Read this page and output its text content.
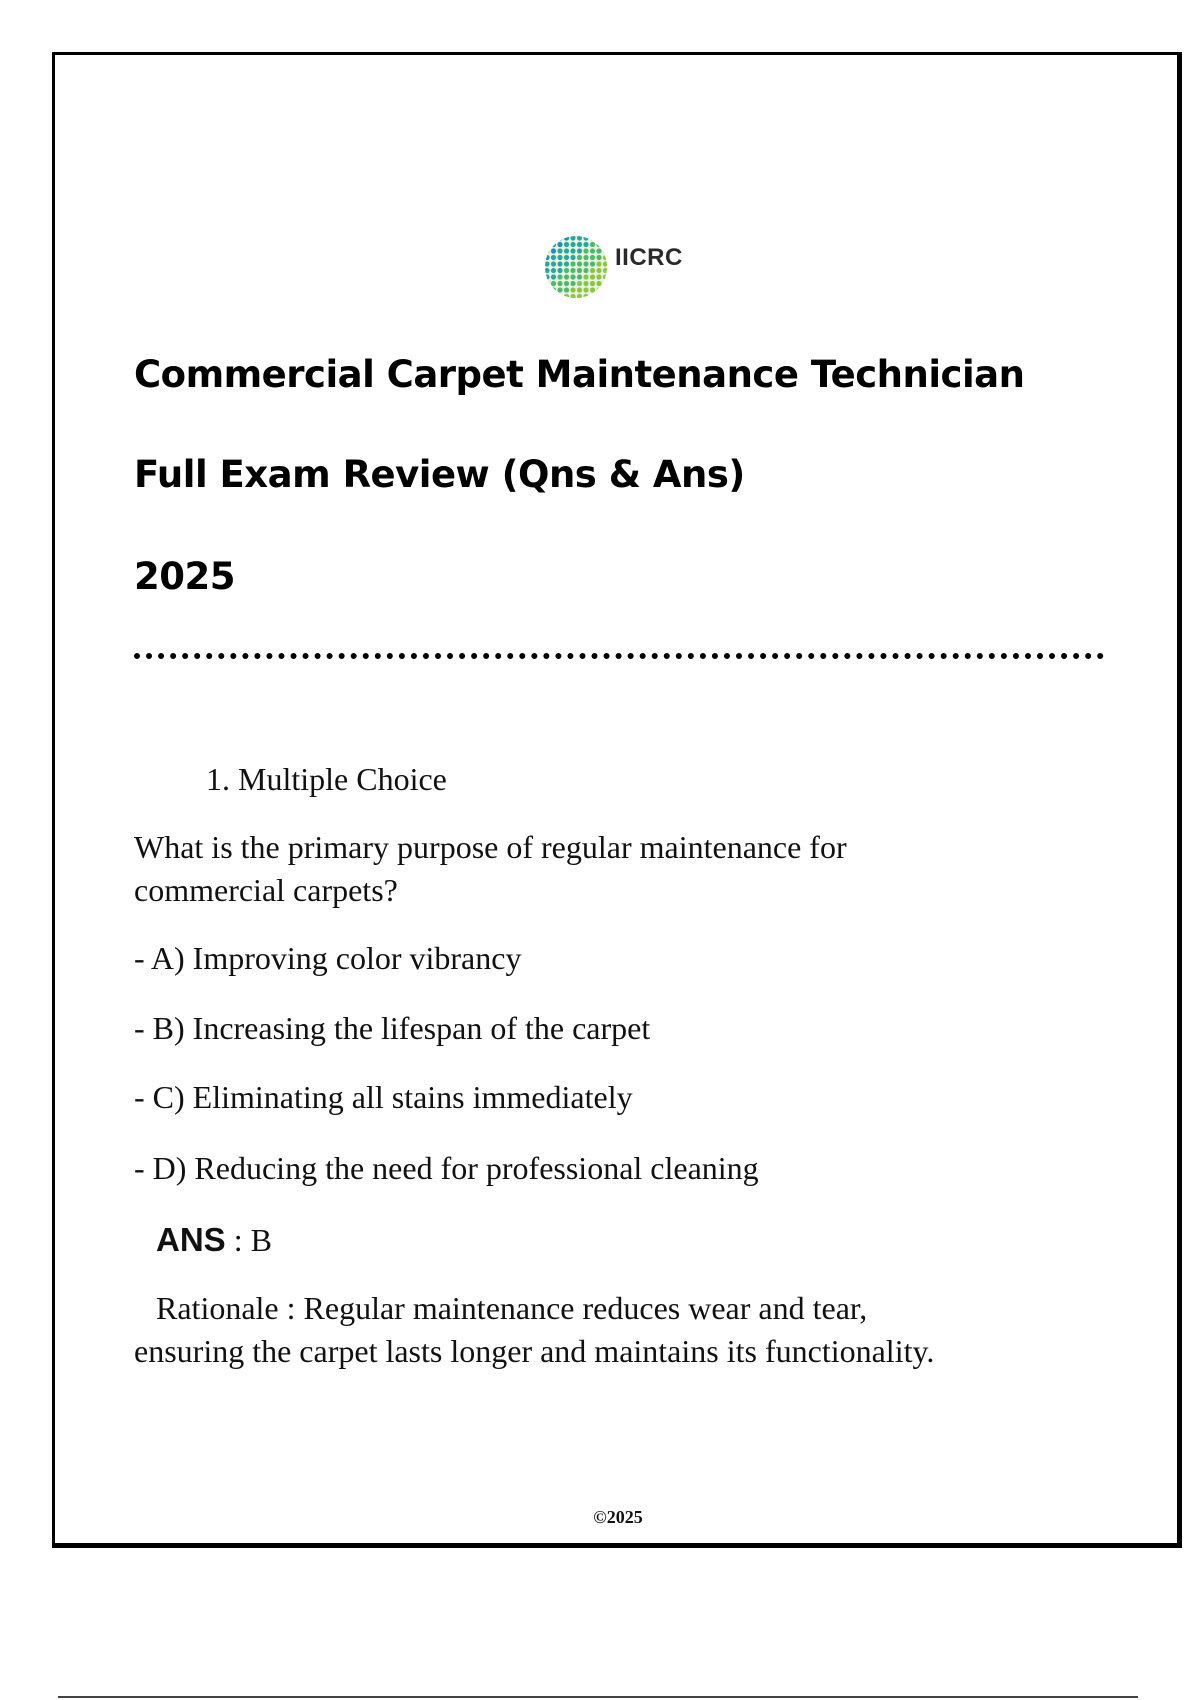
IICRC
Commercial Carpet Maintenance Technician
Full Exam Review (Qns & Ans)
2025
1. Multiple Choice
What is the primary purpose of regular maintenance for
commercial carpets?
- A) Improving color vibrancy
- B) Increasing the lifespan of the carpet
- C) Eliminating all stains immediately
- D) Reducing the need for professional cleaning
ANS : B
Rationale : Regular maintenance reduces wear and tear,
ensuring the carpet lasts longer and maintains its functionality.
©2025
